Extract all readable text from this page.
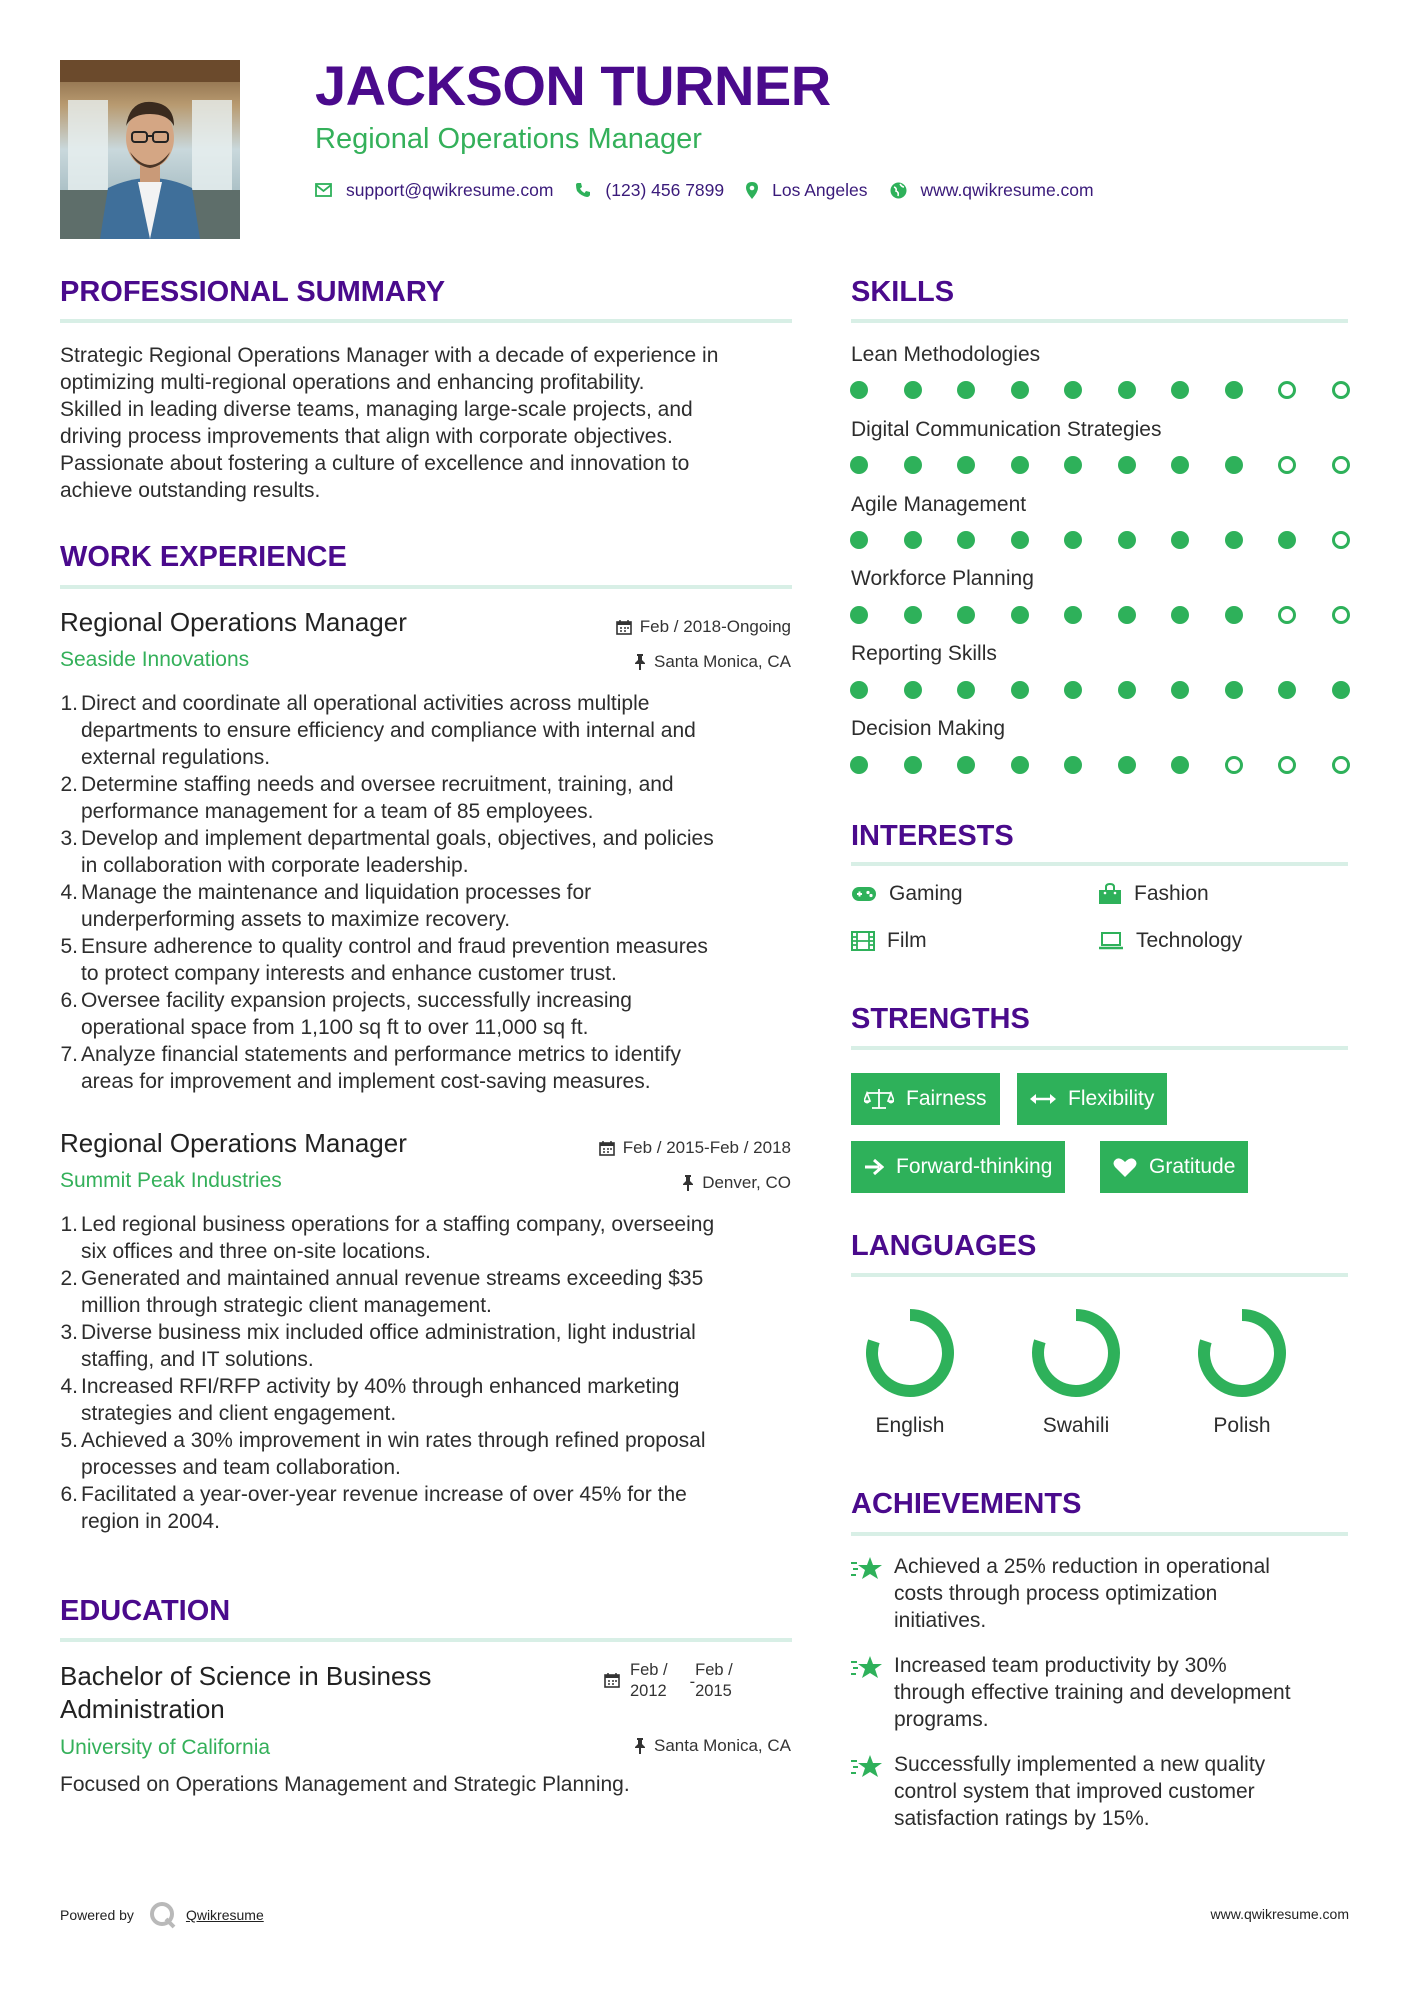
JACKSON TURNER
Regional Operations Manager
support@qwikresume.com	(123) 456 7899	Los Angeles	www.qwikresume.com
PROFESSIONAL SUMMARY
Strategic Regional Operations Manager with a decade of experience in
optimizing multi-regional operations and enhancing profitability.
Skilled in leading diverse teams, managing large-scale projects, and
driving process improvements that align with corporate objectives.
Passionate about fostering a culture of excellence and innovation to
achieve outstanding results.
WORK EXPERIENCE
Regional Operations Manager	Feb / 2018-Ongoing
Seaside Innovations	Santa Monica, CA
1. Direct and coordinate all operational activities across multiple
departments to ensure efficiency and compliance with internal and
external regulations.
2. Determine staffing needs and oversee recruitment, training, and
performance management for a team of 85 employees.
3. Develop and implement departmental goals, objectives, and policies
in collaboration with corporate leadership.
4. Manage the maintenance and liquidation processes for
underperforming assets to maximize recovery.
5. Ensure adherence to quality control and fraud prevention measures
to protect company interests and enhance customer trust.
6. Oversee facility expansion projects, successfully increasing
operational space from 1,100 sq ft to over 11,000 sq ft.
7. Analyze financial statements and performance metrics to identify
areas for improvement and implement cost-saving measures.
Regional Operations Manager	Feb / 2015-Feb / 2018
Summit Peak Industries	Denver, CO
1. Led regional business operations for a staffing company, overseeing
six offices and three on-site locations.
2. Generated and maintained annual revenue streams exceeding $35
million through strategic client management.
3. Diverse business mix included office administration, light industrial
staffing, and IT solutions.
4. Increased RFI/RFP activity by 40% through enhanced marketing
strategies and client engagement.
5. Achieved a 30% improvement in win rates through refined proposal
processes and team collaboration.
6. Facilitated a year-over-year revenue increase of over 45% for the
region in 2004.
EDUCATION
Bachelor of Science in Business
Administration
Feb /
2012 -
Feb /
2015
University of California	Santa Monica, CA
Focused on Operations Management and Strategic Planning.
SKILLS
Lean Methodologies
Digital Communication Strategies
Agile Management
Workforce Planning
Reporting Skills
Decision Making
INTERESTS
Gaming	Fashion
Film	Technology
STRENGTHS
Fairness	Flexibility
Forward-thinking	Gratitude
LANGUAGES
English	Swahili	Polish
ACHIEVEMENTS
Achieved a 25% reduction in operational
costs through process optimization
initiatives.
Increased team productivity by 30%
through effective training and development
programs.
Successfully implemented a new quality
control system that improved customer
satisfaction ratings by 15%.
Powered by	Qwikresume	www.qwikresume.com
